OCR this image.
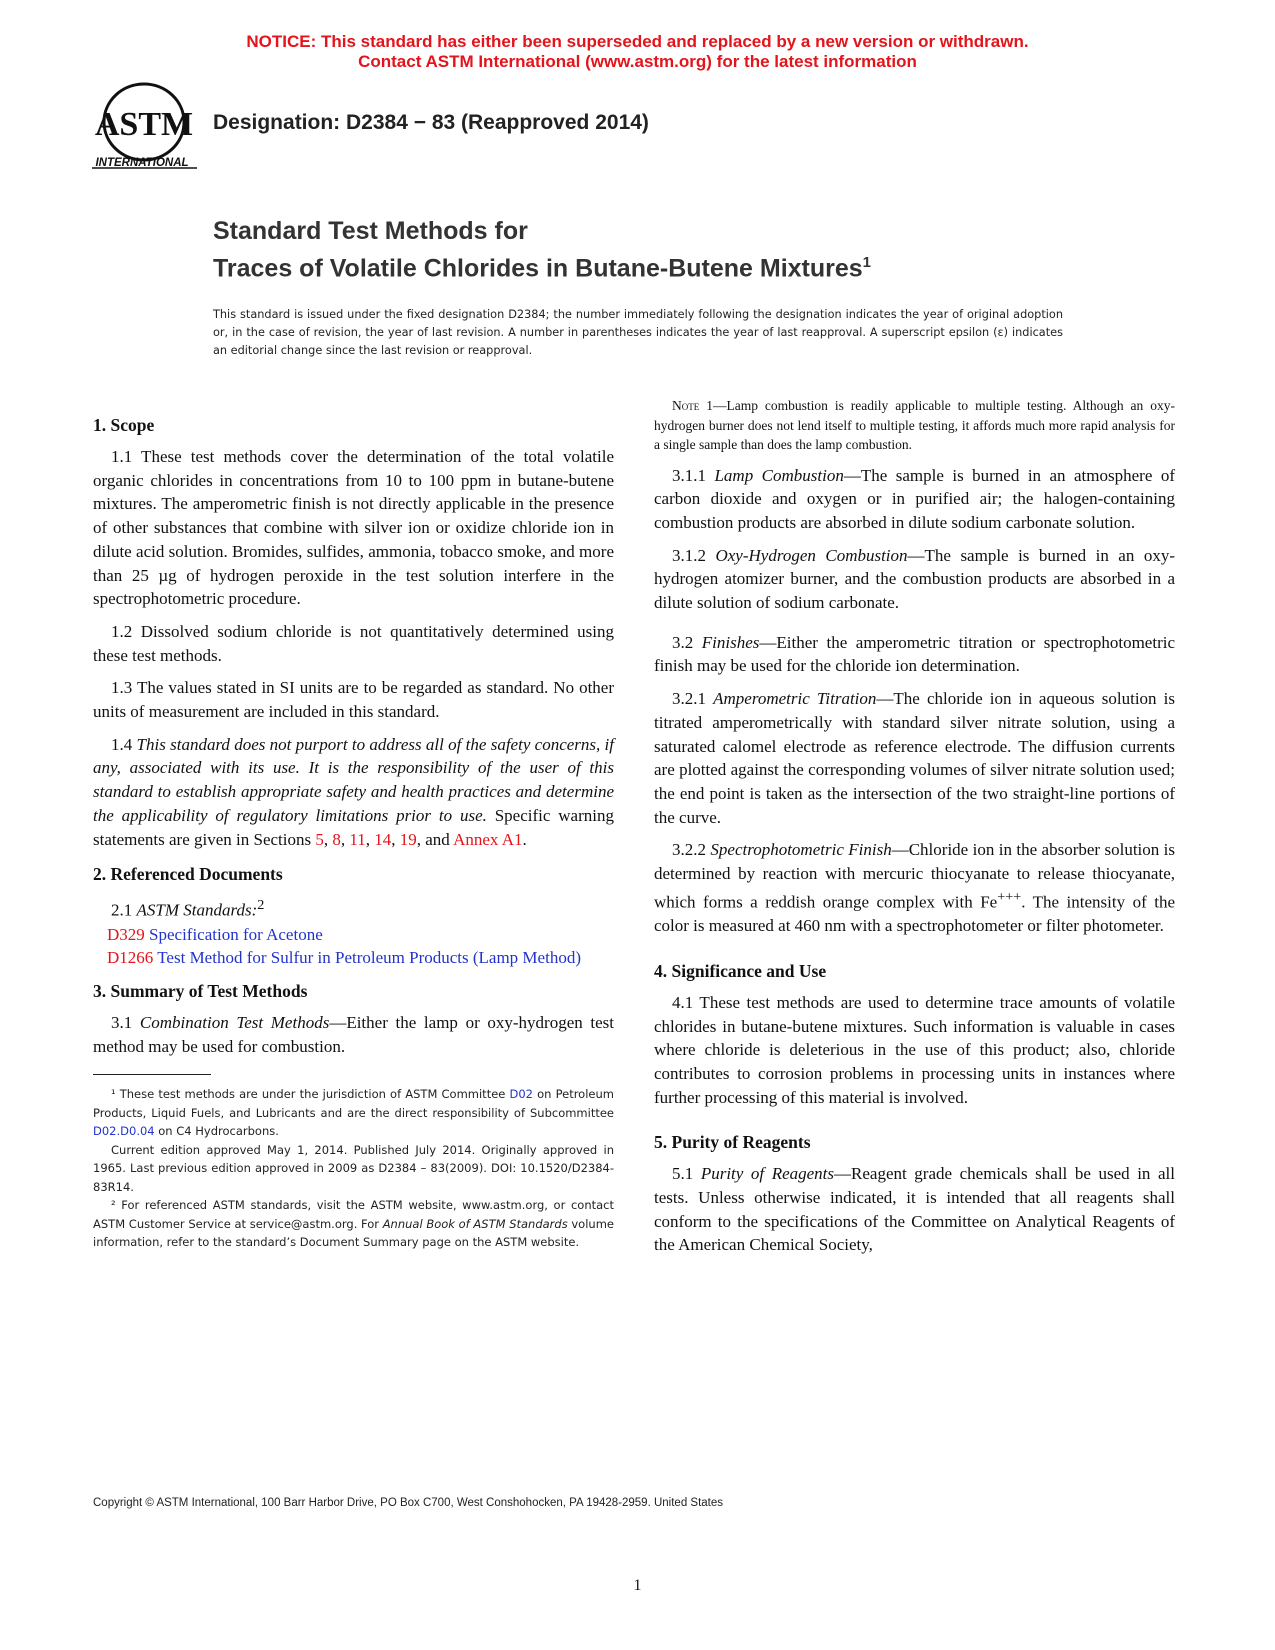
NOTICE: This standard has either been superseded and replaced by a new version or withdrawn.
Contact ASTM International (www.astm.org) for the latest information
ASTM
INTERNATIONAL
Designation: D2384 − 83 (Reapproved 2014)
Standard Test Methods for
Traces of Volatile Chlorides in Butane-Butene Mixtures$^1$
This standard is issued under the fixed designation D2384; the number immediately following the designation indicates the year of original adoption or, in the case of revision, the year of last revision. A number in parentheses indicates the year of last reapproval. A superscript epsilon (ε) indicates an editorial change since the last revision or reapproval.
1. Scope

1.1 These test methods cover the determination of the total volatile organic chlorides in concentrations from 10 to 100 ppm in butane-butene mixtures. The amperometric finish is not directly applicable in the presence of other substances that combine with silver ion or oxidize chloride ion in dilute acid solution. Bromides, sulfides, ammonia, tobacco smoke, and more than 25 µg of hydrogen peroxide in the test solution interfere in the spectrophotometric procedure.

1.2 Dissolved sodium chloride is not quantitatively determined using these test methods.

1.3 The values stated in SI units are to be regarded as standard. No other units of measurement are included in this standard.

1.4 This standard does not purport to address all of the safety concerns, if any, associated with its use. It is the responsibility of the user of this standard to establish appropriate safety and health practices and determine the applicability of regulatory limitations prior to use. Specific warning statements are given in Sections 5, 8, 11, 14, 19, and Annex A1.

2. Referenced Documents

2.1 ASTM Standards:$^2$

D329 Specification for Acetone
D1266 Test Method for Sulfur in Petroleum Products (Lamp Method)
3. Summary of Test Methods

3.1 Combination Test Methods—Either the lamp or oxy-hydrogen test method may be used for combustion.

¹ These test methods are under the jurisdiction of ASTM Committee D02 on Petroleum Products, Liquid Fuels, and Lubricants and are the direct responsibility of Subcommittee D02.D0.04 on C4 Hydrocarbons.

Current edition approved May 1, 2014. Published July 2014. Originally approved in 1965. Last previous edition approved in 2009 as D2384 – 83(2009). DOI: 10.1520/D2384-83R14.

² For referenced ASTM standards, visit the ASTM website, www.astm.org, or contact ASTM Customer Service at service@astm.org. For Annual Book of ASTM Standards volume information, refer to the standard’s Document Summary page on the ASTM website.

Note 1—Lamp combustion is readily applicable to multiple testing. Although an oxy-hydrogen burner does not lend itself to multiple testing, it affords much more rapid analysis for a single sample than does the lamp combustion.

3.1.1 Lamp Combustion—The sample is burned in an atmosphere of carbon dioxide and oxygen or in purified air; the halogen-containing combustion products are absorbed in dilute sodium carbonate solution.

3.1.2 Oxy-Hydrogen Combustion—The sample is burned in an oxy-hydrogen atomizer burner, and the combustion products are absorbed in a dilute solution of sodium carbonate.

3.2 Finishes—Either the amperometric titration or spectrophotometric finish may be used for the chloride ion determination.

3.2.1 Amperometric Titration—The chloride ion in aqueous solution is titrated amperometrically with standard silver nitrate solution, using a saturated calomel electrode as reference electrode. The diffusion currents are plotted against the corresponding volumes of silver nitrate solution used; the end point is taken as the intersection of the two straight-line portions of the curve.

3.2.2 Spectrophotometric Finish—Chloride ion in the absorber solution is determined by reaction with mercuric thiocyanate to release thiocyanate, which forms a reddish orange complex with Fe+++. The intensity of the color is measured at 460 nm with a spectrophotometer or filter photometer.

4. Significance and Use

4.1 These test methods are used to determine trace amounts of volatile chlorides in butane-butene mixtures. Such information is valuable in cases where chloride is deleterious in the use of this product; also, chloride contributes to corrosion problems in processing units in instances where further processing of this material is involved.

5. Purity of Reagents

5.1 Purity of Reagents—Reagent grade chemicals shall be used in all tests. Unless otherwise indicated, it is intended that all reagents shall conform to the specifications of the Committee on Analytical Reagents of the American Chemical Society,

Copyright © ASTM International, 100 Barr Harbor Drive, PO Box C700, West Conshohocken, PA 19428-2959. United States
1
